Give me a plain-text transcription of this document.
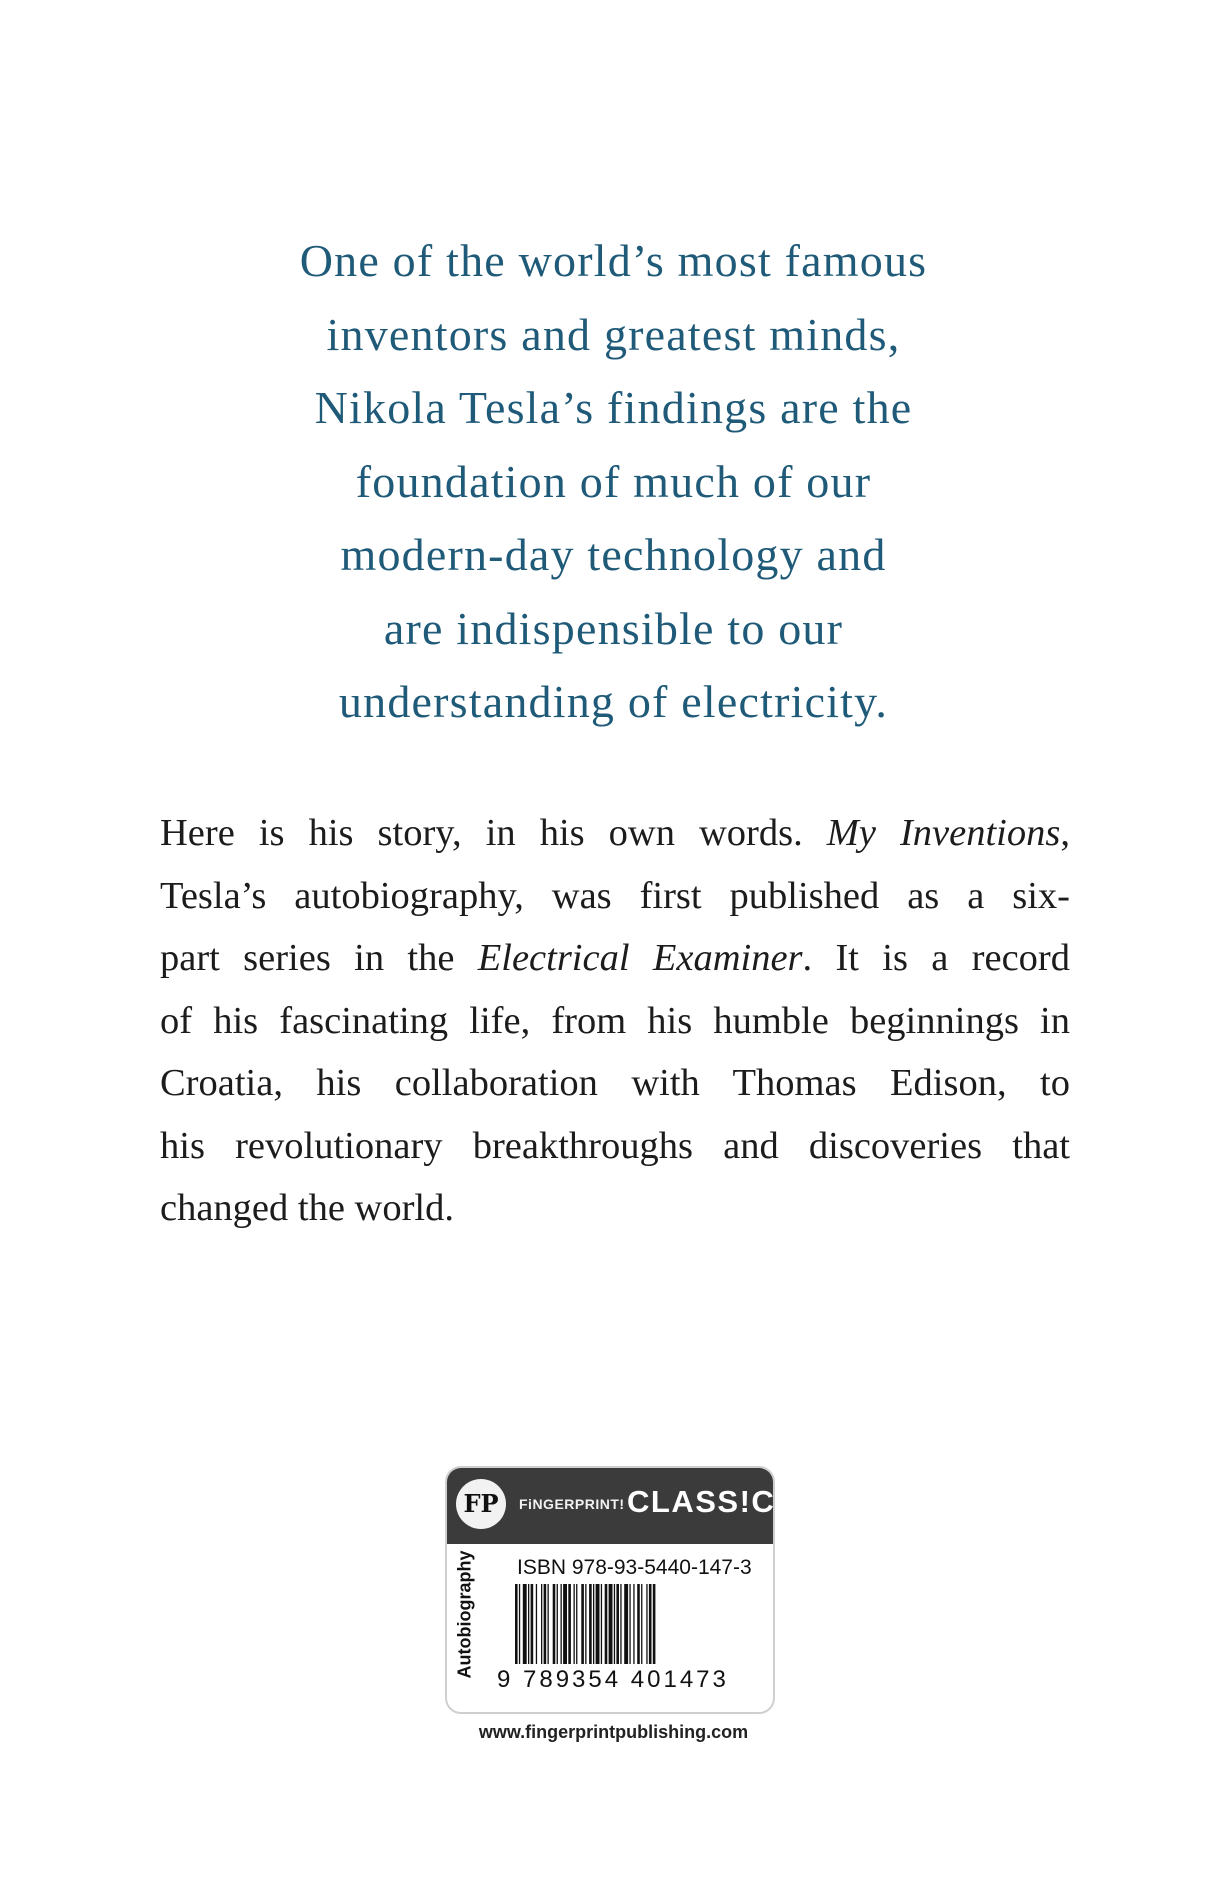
One of the world’s most famous
inventors and greatest minds,
Nikola Tesla’s findings are the
foundation of much of our
modern-day technology and
are indispensible to our
understanding of electricity.
Here is his story, in his own words. My Inventions,
Tesla’s autobiography, was first published as a six-
part series in the Electrical Examiner. It is a record
of his fascinating life, from his humble beginnings in
Croatia, his collaboration with Thomas Edison, to
his revolutionary breakthroughs and discoveries that
changed the world.
FP	FiNGERPRINT! CLASS!CS
Autobiography ISBN 978-93-5440-147-3
9 789354 401473
www.fingerprintpublishing.com
